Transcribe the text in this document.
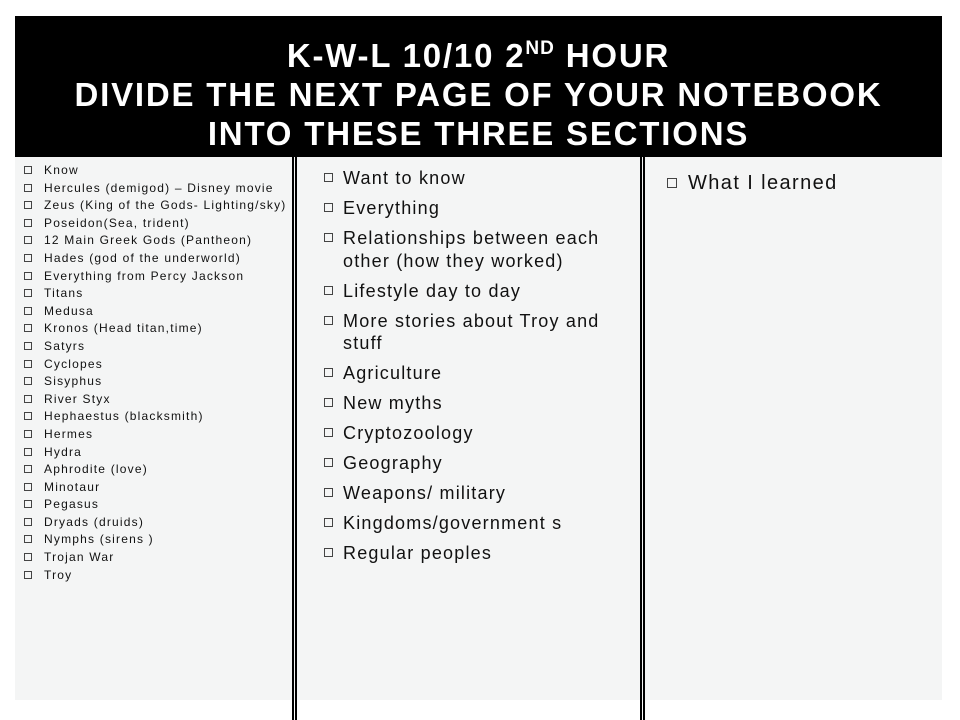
K-W-L 10/10 2ND HOUR
DIVIDE THE NEXT PAGE OF YOUR NOTEBOOK
INTO THESE THREE SECTIONS
Know
Hercules (demigod) – Disney movie
Zeus (King of the Gods- Lighting/sky)
Poseidon(Sea, trident)
12 Main Greek Gods (Pantheon)
Hades (god of the underworld)
Everything from Percy Jackson
Titans
Medusa
Kronos (Head titan,time)
Satyrs
Cyclopes
Sisyphus
River Styx
Hephaestus (blacksmith)
Hermes
Hydra
Aphrodite (love)
Minotaur
Pegasus
Dryads (druids)
Nymphs (sirens )
Trojan War
Troy
Want to know
Everything
Relationships between each other (how they worked)
Lifestyle day to day
More stories about Troy and stuff
Agriculture
New myths
Cryptozoology
Geography
Weapons/ military
Kingdoms/government s
Regular peoples
What I learned
